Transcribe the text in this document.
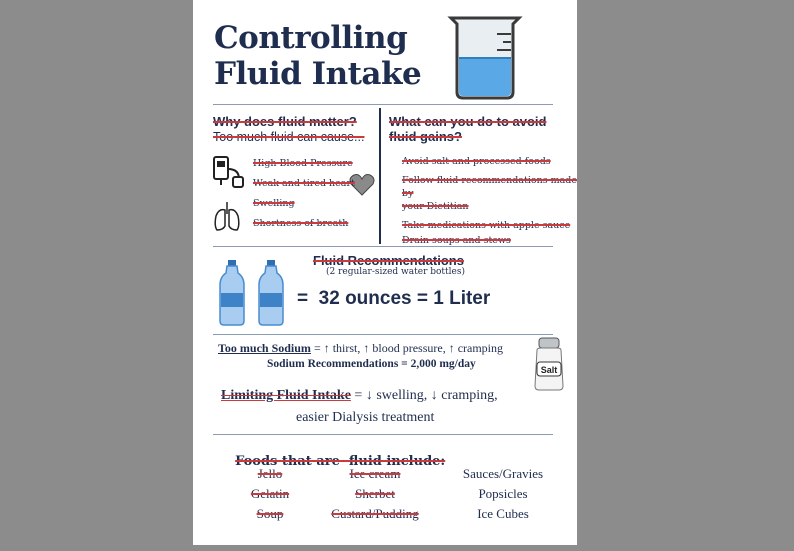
Controlling
Fluid Intake
Why does fluid matter?
Too much fluid can cause...
High Blood Pressure
Weak and tired heart
Swelling
Shortness of breath
What can you do to avoid
fluid gains?
Avoid salt and processed foods
Follow fluid recommendations made by
your Dietitian
Take medications with apple sauce
Drain soups and stews
Fluid Recommendations
(2 regular-sized water bottles)
=  32 ounces = 1 Liter
Too much Sodium = ↑ thirst, ↑ blood pressure, ↑ cramping
Sodium Recommendations = 2,000 mg/day	Salt
Limiting Fluid Intake = ↓ swelling, ↓ cramping,
easier Dialysis treatment

Foods that are  fluid include:

Jello
Gelatin
Soup
Ice cream
Sherbet
Custard/Pudding
Sauces/Gravies
Popsicles
Ice Cubes
